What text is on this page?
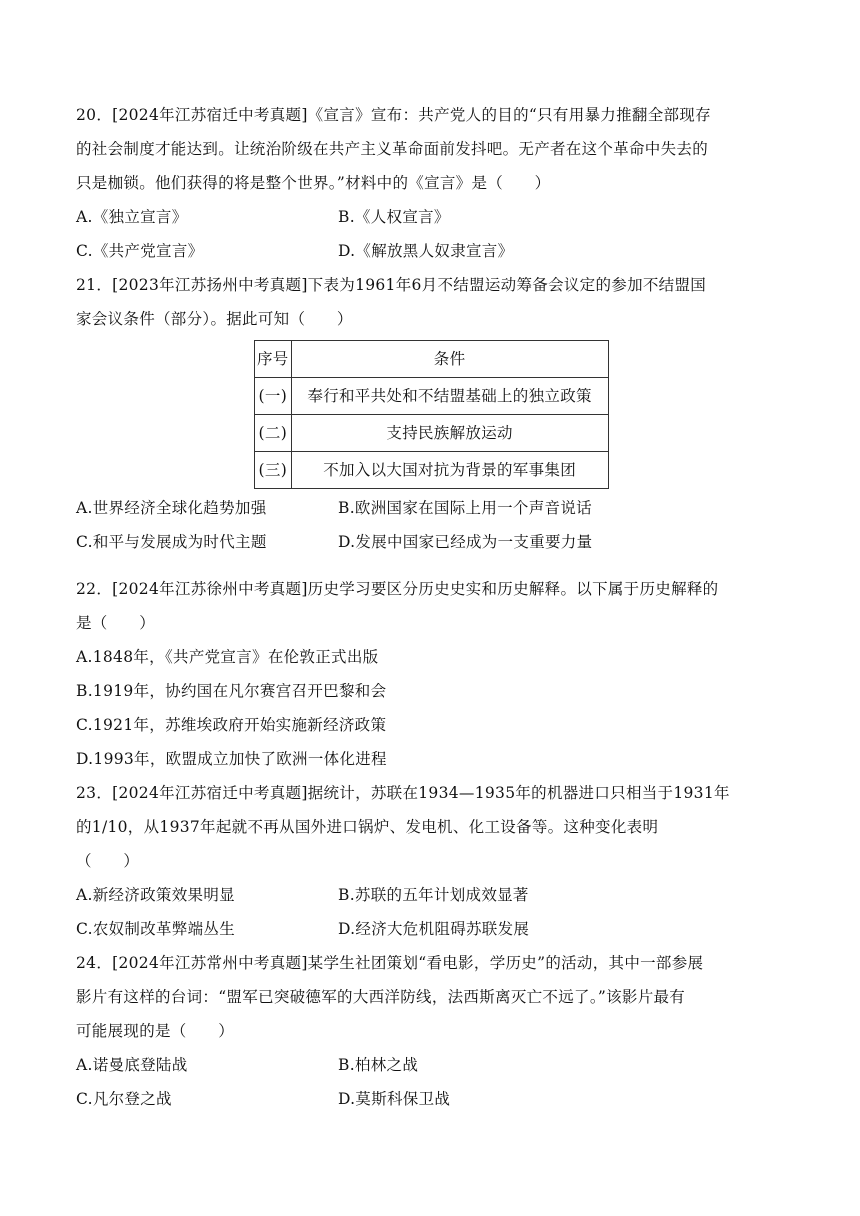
20．[2024年江苏宿迁中考真题]《宣言》宣布：共产党人的目的“只有用暴力推翻全部现存

的社会制度才能达到。让统治阶级在共产主义革命面前发抖吧。无产者在这个革命中失去的

只是枷锁。他们获得的将是整个世界。”材料中的《宣言》是（　　）

A.《独立宣言》	B.《人权宣言》
C.《共产党宣言》	D.《解放黑人奴隶宣言》

21．[2023年江苏扬州中考真题]下表为1961年6月不结盟运动筹备会议定的参加不结盟国

家会议条件（部分）。据此可知（　　）

序号	条件
(一)	奉行和平共处和不结盟基础上的独立政策
(二)	支持民族解放运动
(三)	不加入以大国对抗为背景的军事集团
A.世界经济全球化趋势加强	B.欧洲国家在国际上用一个声音说话
C.和平与发展成为时代主题	D.发展中国家已经成为一支重要力量

22．[2024年江苏徐州中考真题]历史学习要区分历史史实和历史解释。以下属于历史解释的

是（　　）

A.1848年，《共产党宣言》在伦敦正式出版
B.1919年，协约国在凡尔赛宫召开巴黎和会
C.1921年，苏维埃政府开始实施新经济政策
D.1993年，欧盟成立加快了欧洲一体化进程

23．[2024年江苏宿迁中考真题]据统计，苏联在1934—1935年的机器进口只相当于1931年

的1/10，从1937年起就不再从国外进口锅炉、发电机、化工设备等。这种变化表明

（　　）

A.新经济政策效果明显	B.苏联的五年计划成效显著
C.农奴制改革弊端丛生	D.经济大危机阻碍苏联发展

24．[2024年江苏常州中考真题]某学生社团策划“看电影，学历史”的活动，其中一部参展

影片有这样的台词：“盟军已突破德军的大西洋防线，法西斯离灭亡不远了。”该影片最有

可能展现的是（　　）

A.诺曼底登陆战	B.柏林之战
C.凡尔登之战	D.莫斯科保卫战
